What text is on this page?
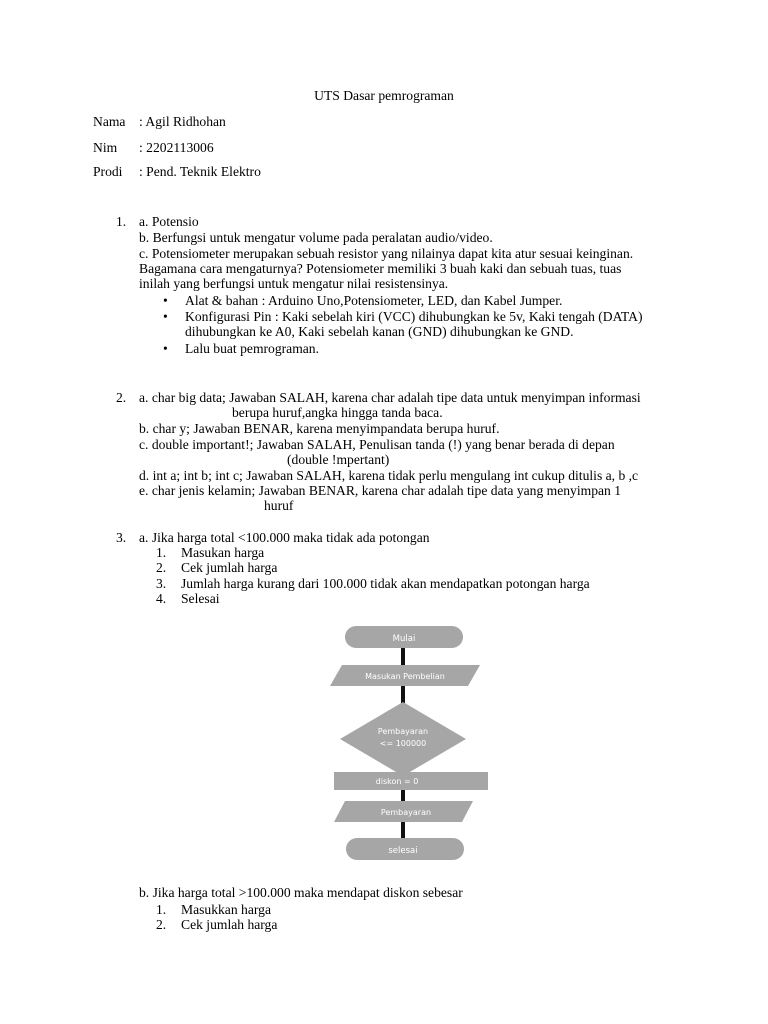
UTS Dasar pemrograman
Nama : Agil Ridhohan
Nim : 2202113006
Prodi : Pend. Teknik Elektro
1. a. Potensio
b. Berfungsi untuk mengatur volume pada peralatan audio/video.
c. Potensiometer merupakan sebuah resistor yang nilainya dapat kita atur sesuai keinginan.
Bagamana cara mengaturnya? Potensiometer memiliki 3 buah kaki dan sebuah tuas, tuas
inilah yang berfungsi untuk mengatur nilai resistensinya.
• Alat & bahan : Arduino Uno,Potensiometer, LED, dan Kabel Jumper.
• Konfigurasi Pin : Kaki sebelah kiri (VCC) dihubungkan ke 5v, Kaki tengah (DATA)
dihubungkan ke A0, Kaki sebelah kanan (GND) dihubungkan ke GND.
• Lalu buat pemrograman.
2. a. char big data; Jawaban SALAH, karena char adalah tipe data untuk menyimpan informasi
berupa huruf,angka hingga tanda baca.
b. char y; Jawaban BENAR, karena menyimpandata berupa huruf.
c. double important!; Jawaban SALAH, Penulisan tanda (!) yang benar berada di depan
(double !mpertant)
d. int a; int b; int c; Jawaban SALAH, karena tidak perlu mengulang int cukup ditulis a, b ,c
e. char jenis kelamin; Jawaban BENAR, karena char adalah tipe data yang menyimpan 1
huruf
3. a. Jika harga total <100.000 maka tidak ada potongan
1. Masukan harga
2. Cek jumlah harga
3. Jumlah harga kurang dari 100.000 tidak akan mendapatkan potongan harga
4. Selesai
Mulai
Masukan Pembelian
Pembayaran
<= 100000
diskon = 0
Pembayaran
selesai
b. Jika harga total >100.000 maka mendapat diskon sebesar
1. Masukkan harga
2. Cek jumlah harga
